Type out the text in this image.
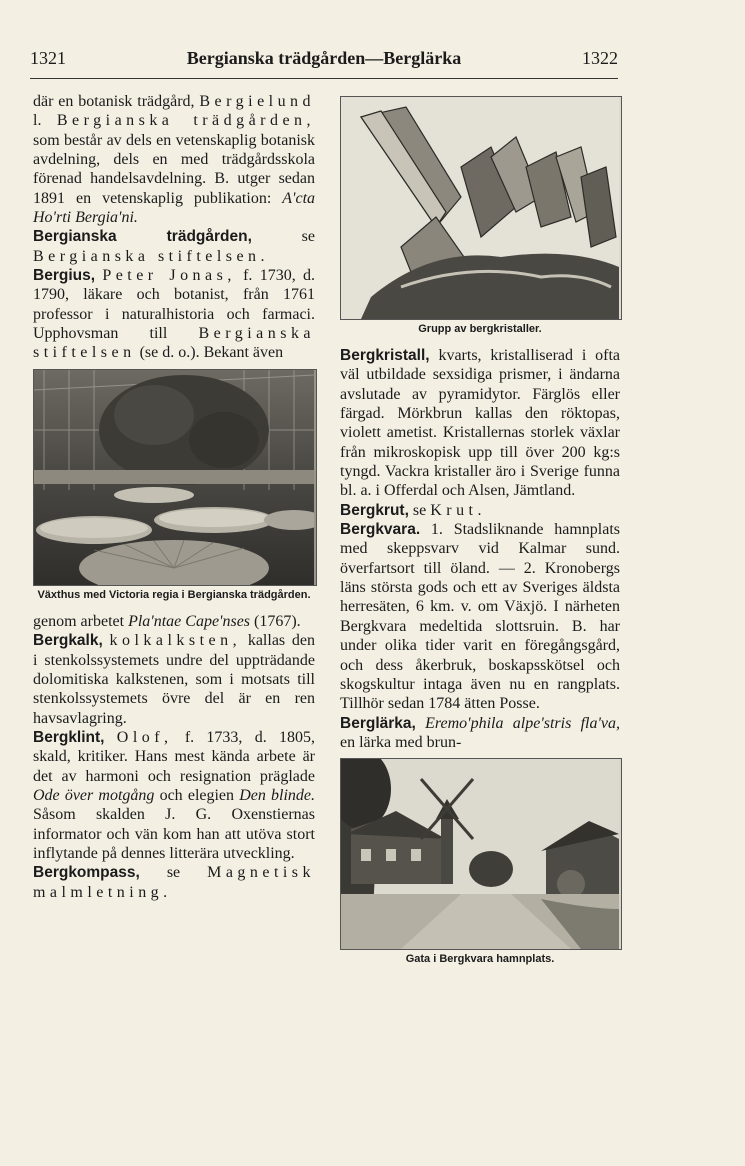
1321	Bergianska trädgården—Berglärka	1322

där en botanisk trädgård, Bergielund l. Bergianska trädgården, som består av dels en vetenskaplig botanisk avdelning, dels en med trädgårdsskola förenad handelsavdelning. B. utger sedan 1891 en vetenskaplig publikation: A'cta Ho'rti Bergia'ni.

Bergianska trädgården,	se Bergianska stiftelsen.

Bergius, Peter Jonas, f. 1730, d. 1790, läkare och botanist, från 1761 professor i naturalhistoria och farmaci. Upphovsman till Bergianska stiftelsen (se d. o.). Bekant även

Växthus med Victoria regia i Bergianska trädgården.

genom arbetet Pla'ntae Cape'nses (1767).

Bergkalk, kolkalksten, kallas den i stenkolssystemets undre del uppträdande dolomitiska kalkstenen, som i motsats till stenkolssystemets övre del är en ren havsavlagring.

Bergklint, Olof, f. 1733, d. 1805, skald, kritiker. Hans mest kända arbete är det av harmoni och resignation präglade Ode över motgång och elegien Den blinde. Såsom skalden J. G. Oxenstiernas informator och vän kom han att utöva stort inflytande på dennes litterära utveckling.

Bergkompass, se Magnetisk malmletning.

Grupp av bergkristaller.

Bergkristall, kvarts, kristalliserad i ofta väl utbildade sexsidiga prismer, i ändarna avslutade av pyramidytor. Färglös eller färgad. Mörkbrun kallas den röktopas, violett ametist. Kristallernas storlek växlar från mikroskopisk upp till över 200 kg:s tyngd. Vackra kristaller äro i Sverige funna bl. a. i Offerdal och Alsen, Jämtland.

Bergkrut, se Krut.

Bergkvara. 1. Stadsliknande hamnplats med skeppsvarv vid Kalmar sund. överfartsort till öland. — 2. Kronobergs läns största gods och ett av Sveriges äldsta herresäten, 6 km. v. om Växjö. I närheten Bergkvara medeltida slottsruin. B. har under olika tider varit en föregångsgård, och dess åkerbruk, boskapsskötsel och skogskultur intaga även nu en rangplats. Tillhör sedan 1784 ätten Posse.

Berglärka, Eremo'phila alpe'stris fla'va, en lärka med brun-

Gata i Bergkvara hamnplats.
